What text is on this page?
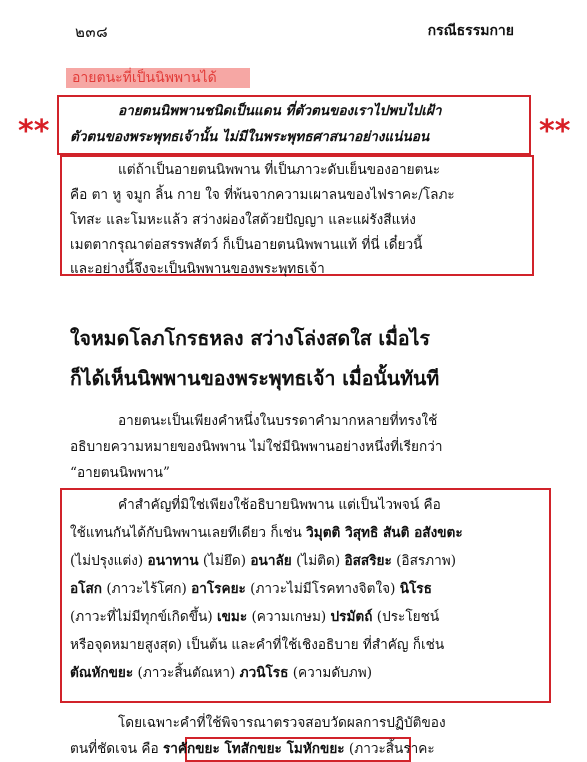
๒๓๘	กรณีธรรมกาย
อายตนะที่เป็นนิพพานได้
**	**
อายตนนิพพานชนิดเป็นแดน ที่ตัวตนของเราไปพบไปเฝ้า
ตัวตนของพระพุทธเจ้านั้น ไม่มีในพระพุทธศาสนาอย่างแน่นอน
แต่ถ้าเป็นอายตนนิพพาน ที่เป็นภาวะดับเย็นของอายตนะ
คือ ตา หู จมูก ลิ้น กาย ใจ ที่พ้นจากความเผาลนของไฟราคะ/โลภะ
โทสะ และโมหะแล้ว สว่างผ่องใสด้วยปัญญา และแผ่รังสีแห่ง
เมตตากรุณาต่อสรรพสัตว์ ก็เป็นอายตนนิพพานแท้ ที่นี่ เดี๋ยวนี้
และอย่างนี้จึงจะเป็นนิพพานของพระพุทธเจ้า
ใจหมดโลภโกรธหลง สว่างโล่งสดใส เมื่อไร
ก็ได้เห็นนิพพานของพระพุทธเจ้า เมื่อนั้นทันที
อายตนะเป็นเพียงคำหนึ่งในบรรดาคำมากหลายที่ทรงใช้
อธิบายความหมายของนิพพาน ไม่ใช่มีนิพพานอย่างหนึ่งที่เรียกว่า
“อายตนนิพพาน”
คำสำคัญที่มิใช่เพียงใช้อธิบายนิพพาน แต่เป็นไวพจน์ คือ
ใช้แทนกันได้กับนิพพานเลยทีเดียว ก็เช่น วิมุตติ วิสุทธิ สันติ อสังขตะ
(ไม่ปรุงแต่ง) อนาทาน (ไม่ยึด) อนาลัย (ไม่ติด) อิสสริยะ (อิสรภาพ)
อโสก (ภาวะไร้โศก) อาโรคยะ (ภาวะไม่มีโรคทางจิตใจ) นิโรธ
(ภาวะที่ไม่มีทุกข์เกิดขึ้น) เขมะ (ความเกษม) ปรมัตถ์ (ประโยชน์
หรือจุดหมายสูงสุด) เป็นต้น และคำที่ใช้เชิงอธิบาย ที่สำคัญ ก็เช่น
ตัณหักขยะ (ภาวะสิ้นตัณหา) ภวนิโรธ (ความดับภพ)
โดยเฉพาะคำที่ใช้พิจารณาตรวจสอบวัดผลการปฏิบัติของ
ตนที่ชัดเจน คือ ราคักขยะ โทสักขยะ โมหักขยะ (ภาวะสิ้นราคะ
